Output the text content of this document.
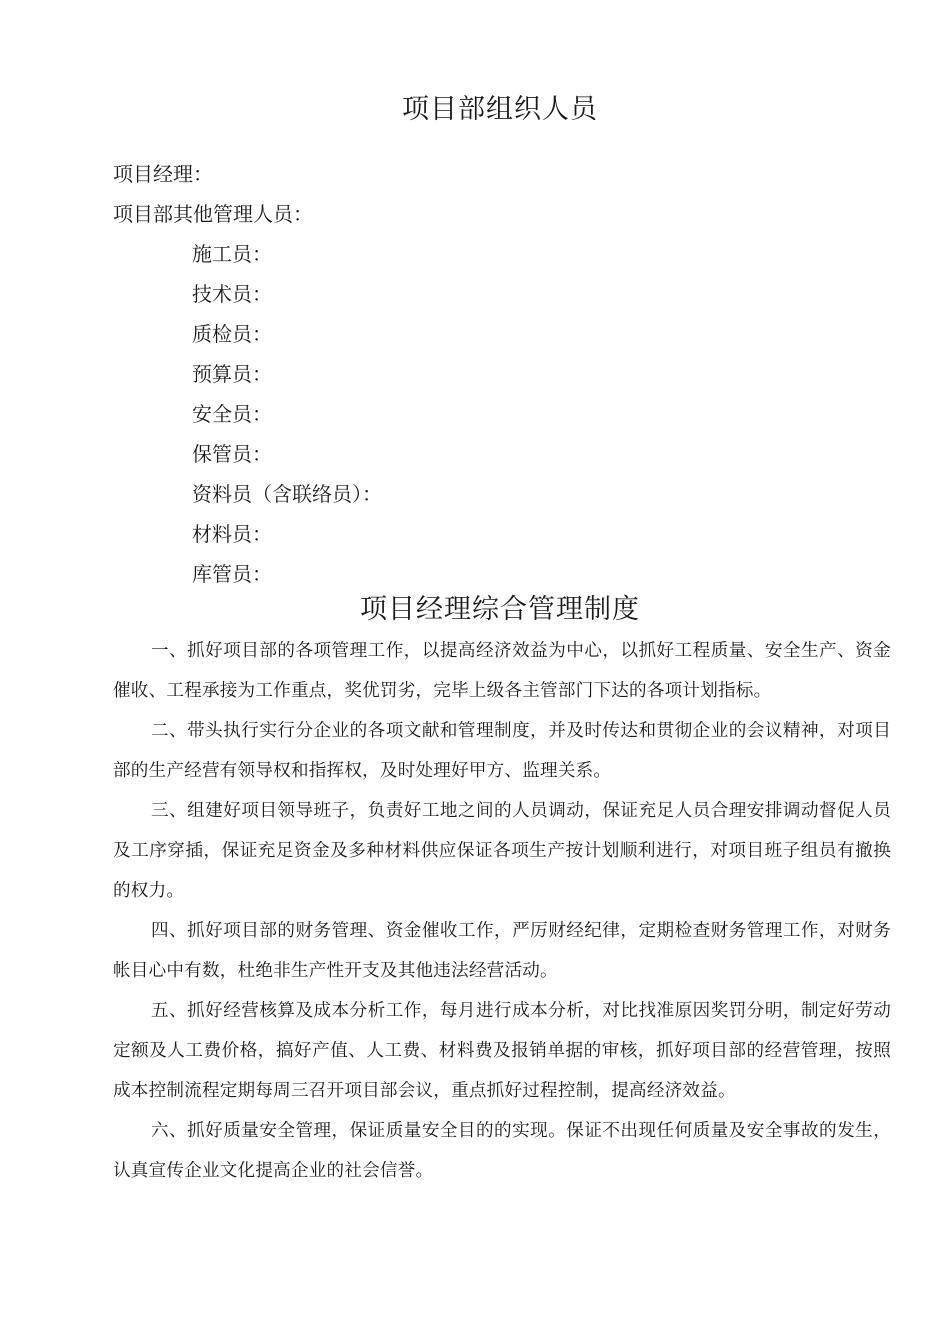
项目部组织人员
项目经理：
项目部其他管理人员：
施工员：
技术员：
质检员：
预算员：
安全员：
保管员：
资料员（含联络员）：
材料员：
库管员：
项目经理综合管理制度

一、抓好项目部的各项管理工作，以提高经济效益为中心，以抓好工程质量、安全生产、资金催收、工程承接为工作重点，奖优罚劣，完毕上级各主管部门下达的各项计划指标。

二、带头执行实行分企业的各项文献和管理制度，并及时传达和贯彻企业的会议精神，对项目部的生产经营有领导权和指挥权，及时处理好甲方、监理关系。

三、组建好项目领导班子，负责好工地之间的人员调动，保证充足人员合理安排调动督促人员及工序穿插，保证充足资金及多种材料供应保证各项生产按计划顺利进行，对项目班子组员有撤换的权力。

四、抓好项目部的财务管理、资金催收工作，严厉财经纪律，定期检查财务管理工作，对财务帐目心中有数，杜绝非生产性开支及其他违法经营活动。

五、抓好经营核算及成本分析工作，每月进行成本分析，对比找准原因奖罚分明，制定好劳动定额及人工费价格，搞好产值、人工费、材料费及报销单据的审核，抓好项目部的经营管理，按照成本控制流程定期每周三召开项目部会议，重点抓好过程控制，提高经济效益。

六、抓好质量安全管理，保证质量安全目的的实现。保证不出现任何质量及安全事故的发生，认真宣传企业文化提高企业的社会信誉。
